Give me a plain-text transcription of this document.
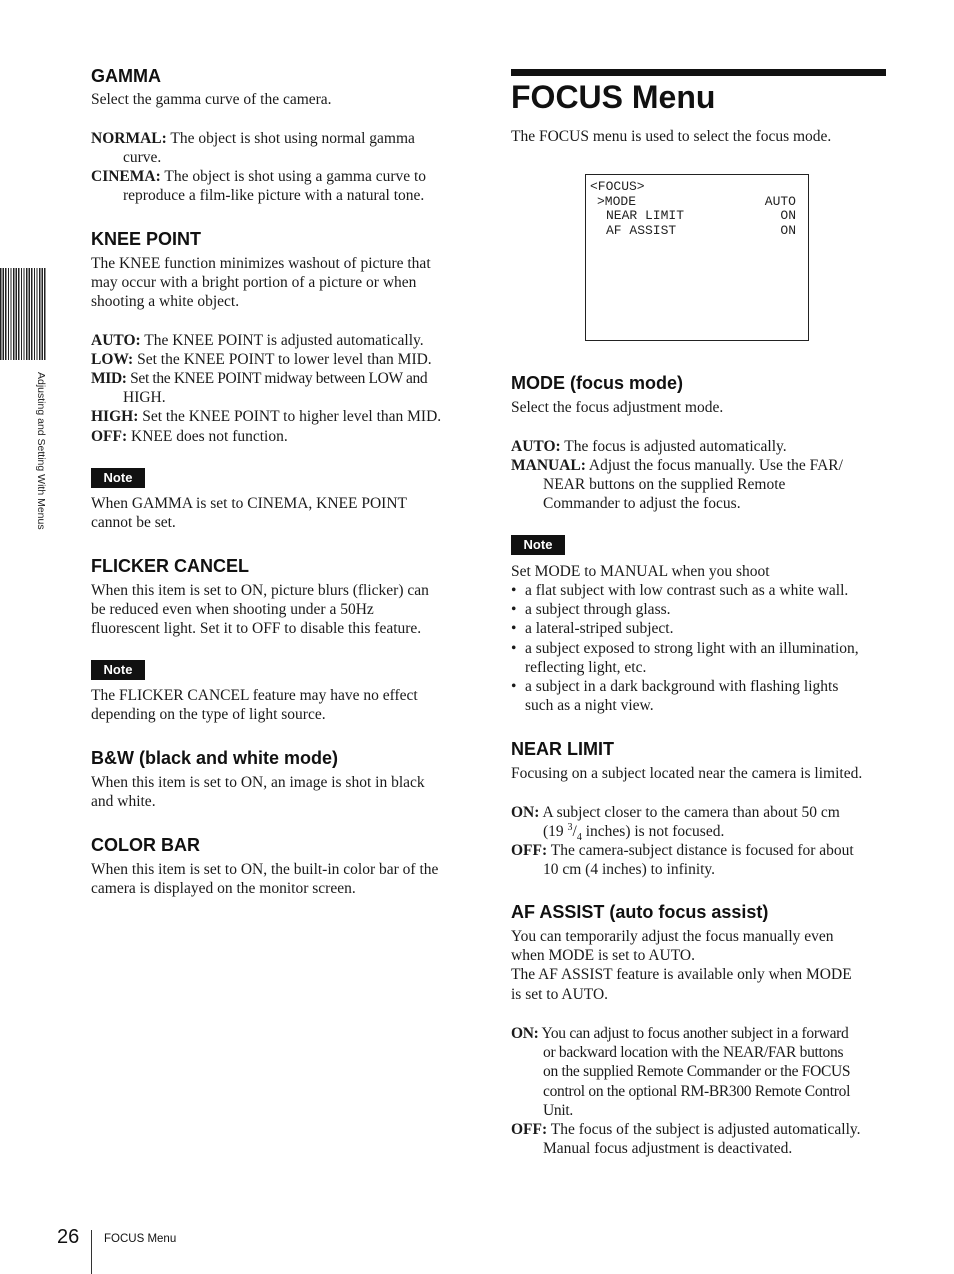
Adjusting and Setting With Menus
GAMMA
Select the gamma curve of the camera.
NORMAL: The object is shot using normal gamma
curve.
CINEMA: The object is shot using a gamma curve to
reproduce a film-like picture with a natural tone.
KNEE POINT
The KNEE function minimizes washout of picture that
may occur with a bright portion of a picture or when
shooting a white object.
AUTO: The KNEE POINT is adjusted automatically.
LOW: Set the KNEE POINT to lower level than MID.
MID: Set the KNEE POINT midway between LOW and
HIGH.
HIGH: Set the KNEE POINT to higher level than MID.
OFF: KNEE does not function.
Note
When GAMMA is set to CINEMA, KNEE POINT
cannot be set.
FLICKER CANCEL
When this item is set to ON, picture blurs (flicker) can
be reduced even when shooting under a 50Hz
fluorescent light. Set it to OFF to disable this feature.
Note
The FLICKER CANCEL feature may have no effect
depending on the type of light source.
B&W (black and white mode)
When this item is set to ON, an image is shot in black
and white.
COLOR BAR
When this item is set to ON, the built-in color bar of the
camera is displayed on the monitor screen.
FOCUS Menu
The FOCUS menu is used to select the focus mode.
MODE (focus mode)
Select the focus adjustment mode.
AUTO: The focus is adjusted automatically.
MANUAL: Adjust the focus manually. Use the FAR/
NEAR buttons on the supplied Remote
Commander to adjust the focus.
Note
Set MODE to MANUAL when you shoot
• a flat subject with low contrast such as a white wall.
• a subject through glass.
• a lateral-striped subject.
• a subject exposed to strong light with an illumination,
reflecting light, etc.
• a subject in a dark background with flashing lights
such as a night view.
NEAR LIMIT
Focusing on a subject located near the camera is limited.
ON: A subject closer to the camera than about 50 cm
(19 $^3/_4$ inches) is not focused.
OFF: The camera-subject distance is focused for about
10 cm (4 inches) to infinity.
AF ASSIST (auto focus assist)
You can temporarily adjust the focus manually even
when MODE is set to AUTO.
The AF ASSIST feature is available only when MODE
is set to AUTO.
ON: You can adjust to focus another subject in a forward
or backward location with the NEAR/FAR buttons
on the supplied Remote Commander or the FOCUS
control on the optional RM-BR300 Remote Control
Unit.
OFF: The focus of the subject is adjusted automatically.
Manual focus adjustment is deactivated.
<FOCUS>
>MODE	AUTO
NEAR LIMIT	ON
AF ASSIST	ON
26 FOCUS Menu
